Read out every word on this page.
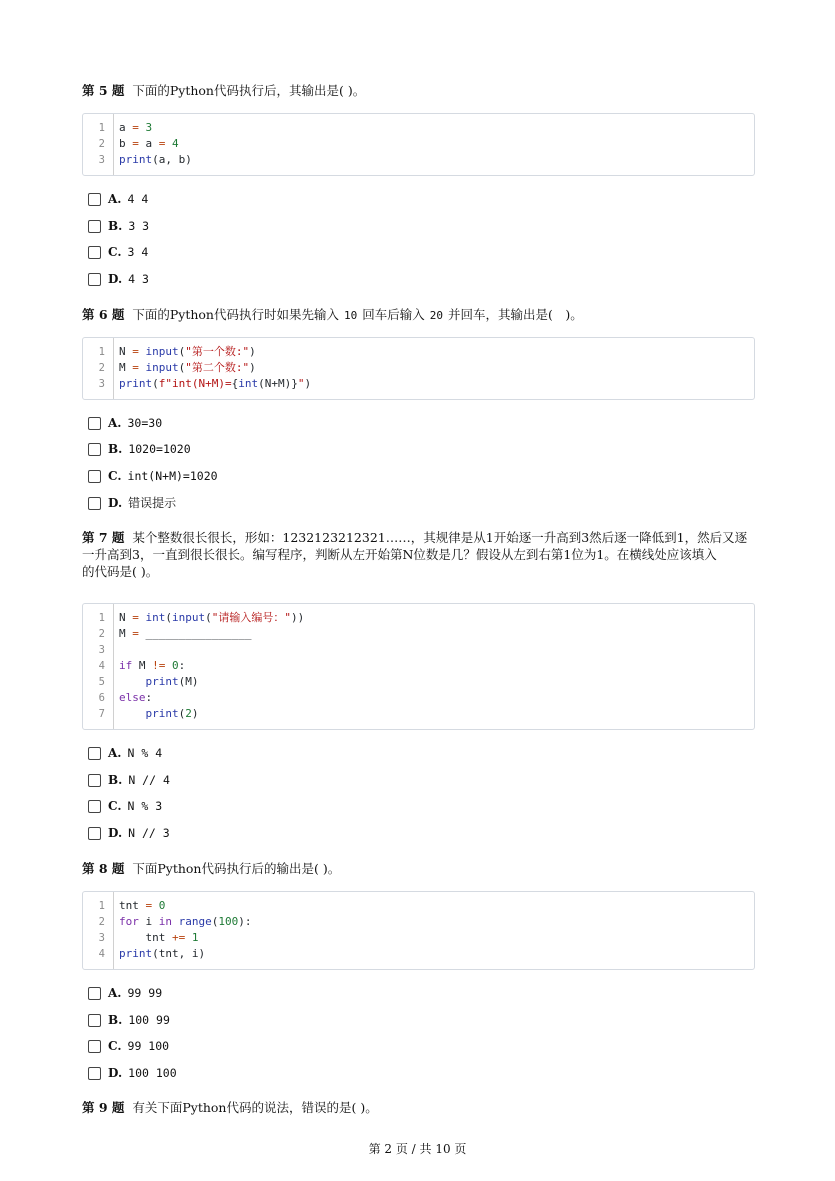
第 5 题 下面的Python代码执行后，其输出是( )。
1 a = 3
2 b = a = 4
3 print(a, b)
A. 4 4
B. 3 3
C. 3 4
D. 4 3
第 6 题 下面的Python代码执行时如果先输入 10 回车后输入 20 并回车，其输出是(　)。
1 N = input("第一个数:")
2 M = input("第二个数:")
3 print(f"int(N+M)={int(N+M)}")
A. 30=30
B. 1020=1020
C. int(N+M)=1020
D. 错误提示
第 7 题 某个整数很长很长，形如：1232123212321……，其规律是从1开始逐一升高到3然后逐一降低到1，然后又逐
一升高到3，一直到很长很长。编写程序，判断从左开始第N位数是几？假设从左到右第1位为1。在横线处应该填入
的代码是( )。
1 N = int(input("请输入编号："))
2 M = ________________
3
4 if M != 0:
5	print(M)
6 else:
7	print(2)
A. N % 4
B. N // 4
C. N % 3
D. N // 3
第 8 题 下面Python代码执行后的输出是( )。
1 tnt = 0
2 for i in range(100):
3 tnt += 1
4 print(tnt, i)
A. 99 99
B. 100 99
C. 99 100
D. 100 100
第 9 题 有关下面Python代码的说法，错误的是( )。
第 2 页 / 共 10 页
